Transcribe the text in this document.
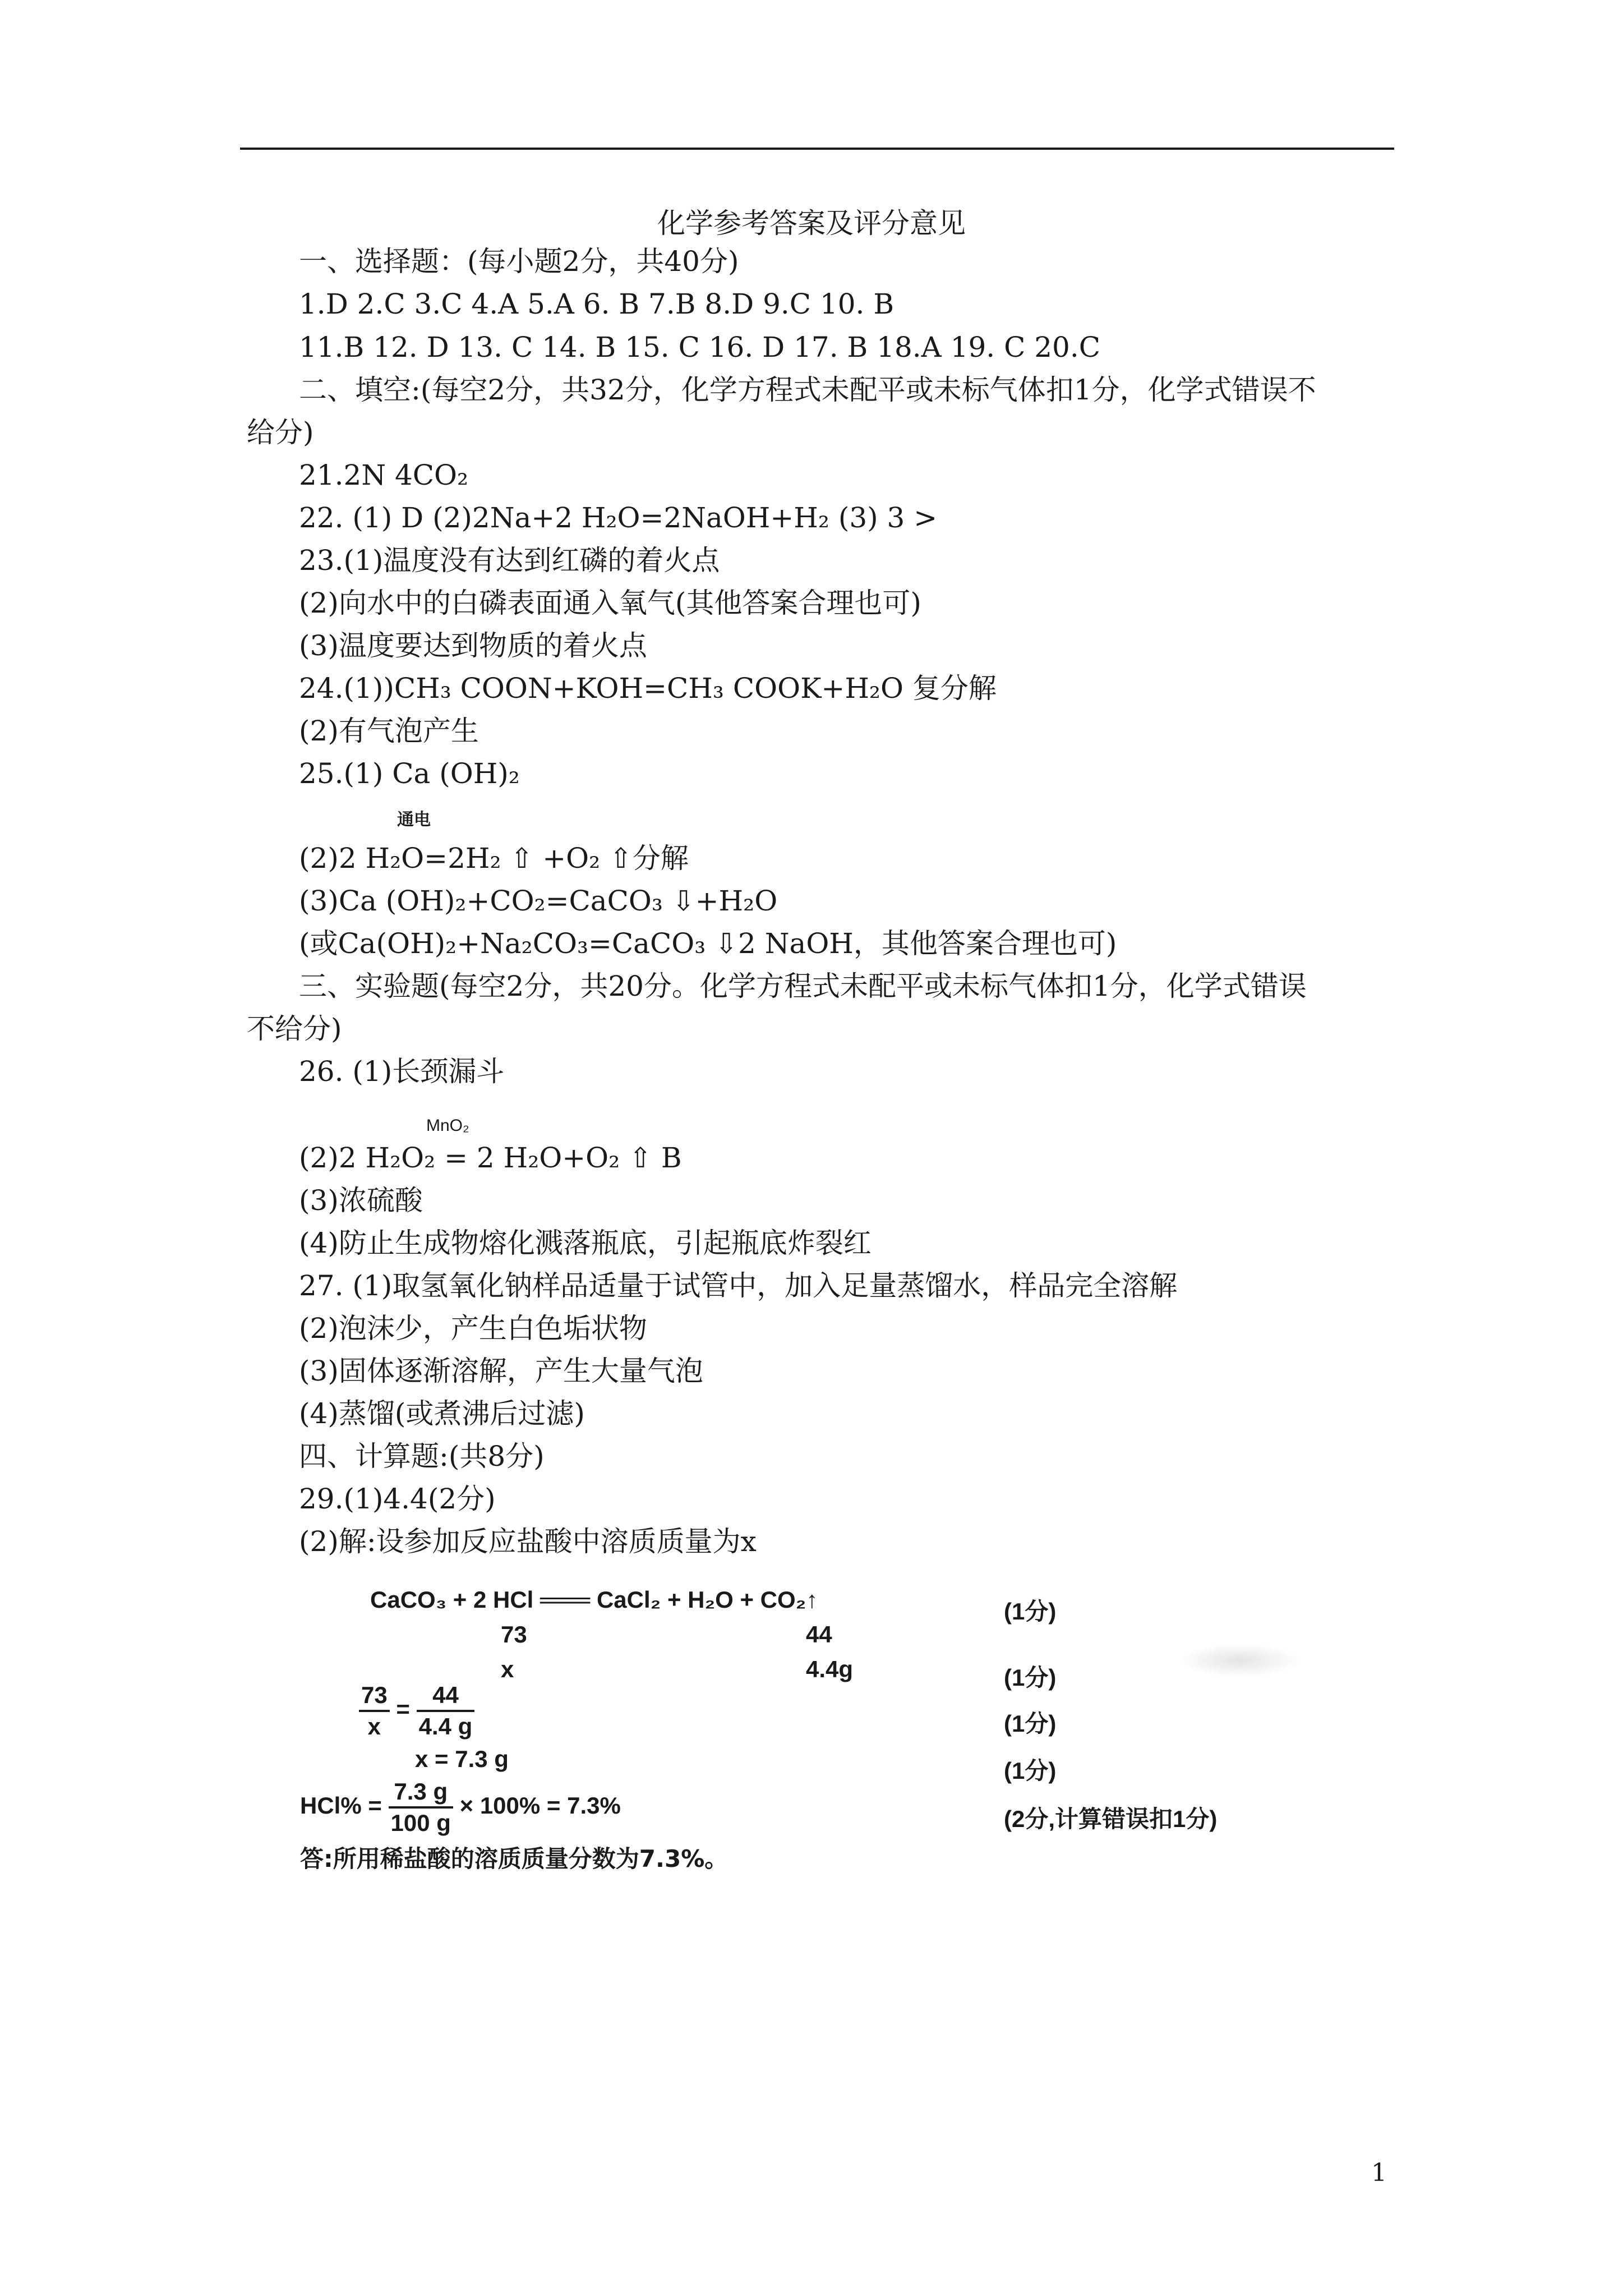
化学参考答案及评分意见
一、选择题：(每小题2分，共40分)
1.D 2.C 3.C 4.A 5.A 6. B 7.B 8.D 9.C 10. B
11.B 12. D 13. C 14. B 15. C 16. D 17. B 18.A 19. C 20.C
二、填空:(每空2分，共32分，化学方程式未配平或未标气体扣1分，化学式错误不
给分)
21.2N 4CO₂
22. (1) D (2)2Na+2 H₂O=2NaOH+H₂ (3) 3 >
23.(1)温度没有达到红磷的着火点
(2)向水中的白磷表面通入氧气(其他答案合理也可)
(3)温度要达到物质的着火点
24.(1))CH₃ COON+KOH=CH₃ COOK+H₂O 复分解
(2)有气泡产生
25.(1) Ca (OH)₂
通电
(2)2 H₂O=2H₂ ⇧ +O₂ ⇧分解
(3)Ca (OH)₂+CO₂=CaCO₃ ⇩+H₂O
(或Ca(OH)₂+Na₂CO₃=CaCO₃ ⇩2 NaOH，其他答案合理也可)
三、实验题(每空2分，共20分。化学方程式未配平或未标气体扣1分，化学式错误
不给分)
26. (1)长颈漏斗
MnO₂
(2)2 H₂O₂ = 2 H₂O+O₂ ⇧ B
(3)浓硫酸
(4)防止生成物熔化溅落瓶底，引起瓶底炸裂红
27. (1)取氢氧化钠样品适量于试管中，加入足量蒸馏水，样品完全溶解
(2)泡沫少，产生白色垢状物
(3)固体逐渐溶解，产生大量气泡
(4)蒸馏(或煮沸后过滤)
四、计算题:(共8分)
29.(1)4.4(2分)
(2)解:设参加反应盐酸中溶质质量为x
CaCO₃ + 2 HCl ═══ CaCl₂ + H₂O + CO₂↑
73	44
x	4.4g
$\frac{73}{x} = \frac{44}{4.4 g}$
x = 7.3 g
$HCl\% = \frac{7.3 g}{100 g} \times 100\% = 7.3\%$
答:所用稀盐酸的溶质质量分数为7.3%。
(1分)
(1分)
(1分)
(1分)
(2分,计算错误扣1分)
1
